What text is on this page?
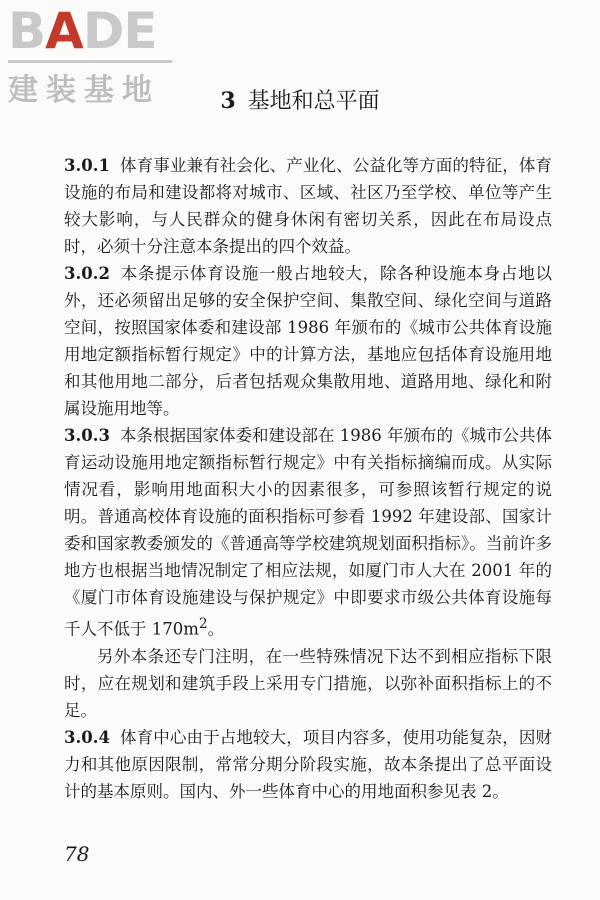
BADE
建装基地	3 基地和总平面

3.0.1 体育事业兼有社会化、产业化、公益化等方面的特征，体育设施的布局和建设都将对城市、区域、社区乃至学校、单位等产生较大影响，与人民群众的健身休闲有密切关系，因此在布局设点时，必须十分注意本条提出的四个效益。

3.0.2 本条提示体育设施一般占地较大，除各种设施本身占地以外，还必须留出足够的安全保护空间、集散空间、绿化空间与道路空间，按照国家体委和建设部 1986 年颁布的《城市公共体育设施用地定额指标暂行规定》中的计算方法，基地应包括体育设施用地和其他用地二部分，后者包括观众集散用地、道路用地、绿化和附属设施用地等。

3.0.3 本条根据国家体委和建设部在 1986 年颁布的《城市公共体育运动设施用地定额指标暂行规定》中有关指标摘编而成。从实际情况看，影响用地面积大小的因素很多，可参照该暂行规定的说明。普通高校体育设施的面积指标可参看 1992 年建设部、国家计委和国家教委颁发的《普通高等学校建筑规划面积指标》。当前许多地方也根据当地情况制定了相应法规，如厦门市人大在 2001 年的《厦门市体育设施建设与保护规定》中即要求市级公共体育设施每千人不低于 $170m^2$。

另外本条还专门注明，在一些特殊情况下达不到相应指标下限时，应在规划和建筑手段上采用专门措施，以弥补面积指标上的不足。

3.0.4 体育中心由于占地较大，项目内容多，使用功能复杂，因财力和其他原因限制，常常分期分阶段实施，故本条提出了总平面设计的基本原则。国内、外一些体育中心的用地面积参见表 2。

78
